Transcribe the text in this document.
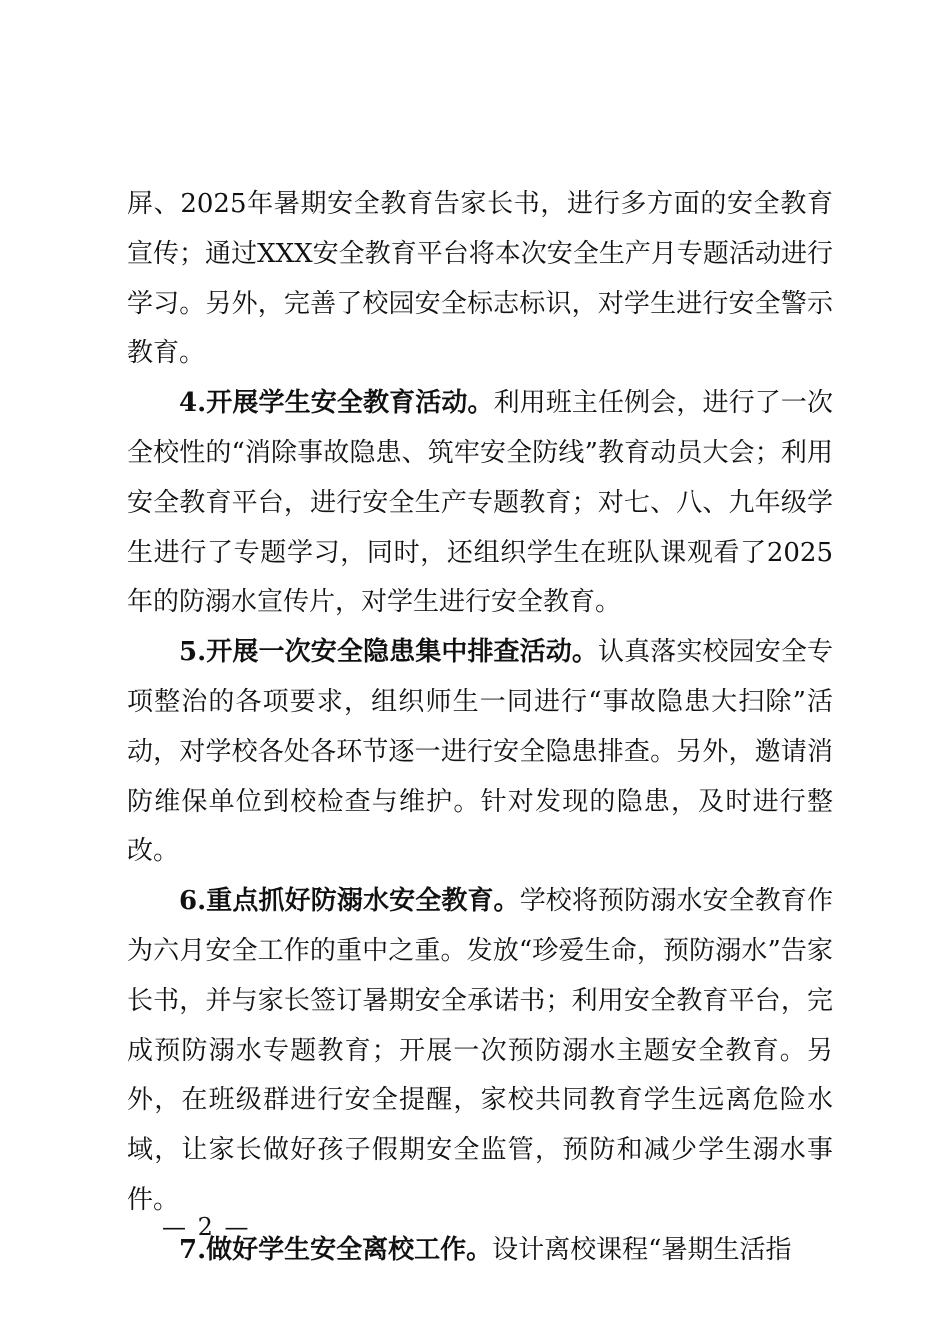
屏、2025年暑期安全教育告家长书，进行多方面的安全教育宣传；通过XXX安全教育平台将本次安全生产月专题活动进行学习。另外，完善了校园安全标志标识，对学生进行安全警示教育。

4.开展学生安全教育活动。利用班主任例会，进行了一次全校性的“消除事故隐患、筑牢安全防线”教育动员大会；利用安全教育平台，进行安全生产专题教育；对七、八、九年级学生进行了专题学习，同时，还组织学生在班队课观看了2025年的防溺水宣传片，对学生进行安全教育。

5.开展一次安全隐患集中排查活动。认真落实校园安全专项整治的各项要求，组织师生一同进行“事故隐患大扫除”活动，对学校各处各环节逐一进行安全隐患排查。另外，邀请消防维保单位到校检查与维护。针对发现的隐患，及时进行整改。

6.重点抓好防溺水安全教育。学校将预防溺水安全教育作为六月安全工作的重中之重。发放“珍爱生命，预防溺水”告家长书，并与家长签订暑期安全承诺书；利用安全教育平台，完成预防溺水专题教育；开展一次预防溺水主题安全教育。另外，在班级群进行安全提醒，家校共同教育学生远离危险水域，让家长做好孩子假期安全监管，预防和减少学生溺水事件。

7.做好学生安全离校工作。设计离校课程“暑期生活指

— 2 —
